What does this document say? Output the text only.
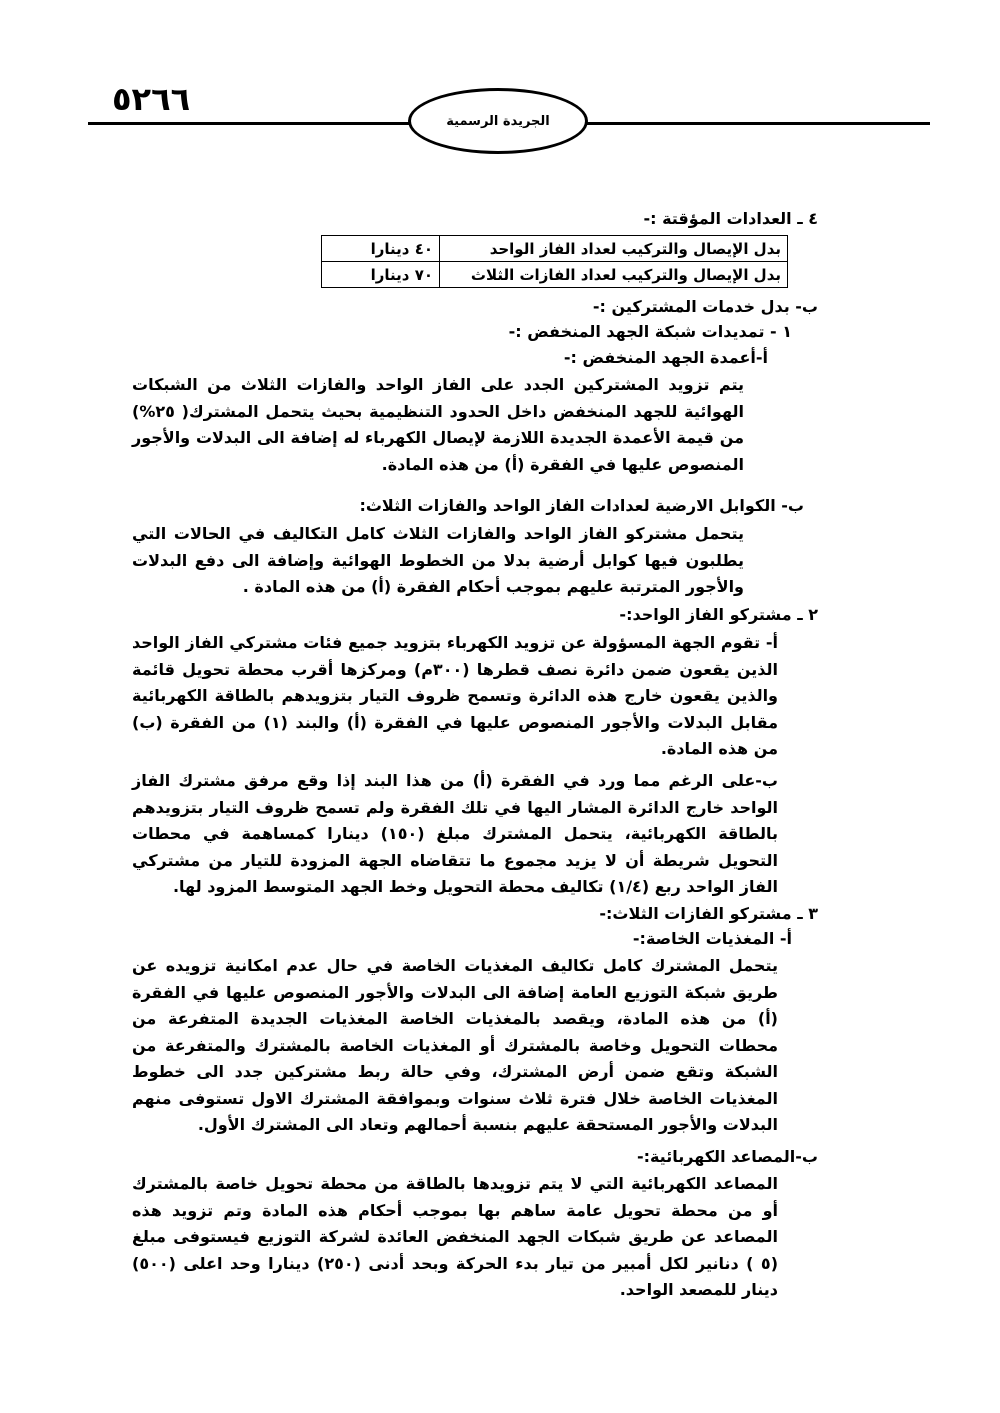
الجريدة الرسمية
٥٢٦٦
٤ ـ العدادات المؤقتة :-
بدل الإيصال والتركيب لعداد الفاز الواحد	٤٠ دينارا
بدل الإيصال والتركيب لعداد الفازات الثلاث	٧٠ دينارا
ب- بدل خدمات المشتركين :-
١ - تمديدات شبكة الجهد المنخفض :-
أ-أعمدة الجهد المنخفض :-
يتم تزويد المشتركين الجدد على الفاز الواحد والفازات الثلاث من الشبكات الهوائية للجهد المنخفض داخل الحدود التنظيمية بحيث يتحمل المشترك( ٢٥%) من قيمة الأعمدة الجديدة اللازمة لإيصال الكهرباء له إضافة الى البدلات والأجور المنصوص عليها في الفقرة (أ) من هذه المادة.
ب- الكوابل الارضية لعدادات الفاز الواحد والفازات الثلاث:
يتحمل مشتركو الفاز الواحد والفازات الثلاث كامل التكاليف في الحالات التي يطلبون فيها كوابل أرضية بدلا من الخطوط الهوائية وإضافة الى دفع البدلات والأجور المترتبة عليهم بموجب أحكام الفقرة (أ) من هذه المادة .
٢ ـ مشتركو الفاز الواحد:-
أ- تقوم الجهة المسؤولة عن تزويد الكهرباء بتزويد جميع فئات مشتركي الفاز الواحد الذين يقعون ضمن دائرة نصف قطرها (٣٠٠م) ومركزها أقرب محطة تحويل قائمة والذين يقعون خارج هذه الدائرة وتسمح ظروف التيار بتزويدهم بالطاقة الكهربائية مقابل البدلات والأجور المنصوص عليها في الفقرة (أ) والبند (١) من الفقرة (ب) من هذه المادة.
ب-على الرغم مما ورد في الفقرة (أ) من هذا البند إذا وقع مرفق مشترك الفاز الواحد خارج الدائرة المشار اليها في تلك الفقرة ولم تسمح ظروف التيار بتزويدهم بالطاقة الكهربائية، يتحمل المشترك مبلغ (١٥٠) دينارا كمساهمة في محطات التحويل شريطة أن لا يزيد مجموع ما تتقاضاه الجهة المزودة للتيار من مشتركي الفاز الواحد ربع (١/٤) تكاليف محطة التحويل وخط الجهد المتوسط المزود لها.
٣ ـ مشتركو الفازات الثلاث:-
أ- المغذيات الخاصة:-
يتحمل المشترك كامل تكاليف المغذيات الخاصة في حال عدم امكانية تزويده عن طريق شبكة التوزيع العامة إضافة الى البدلات والأجور المنصوص عليها في الفقرة (أ) من هذه المادة، ويقصد بالمغذيات الخاصة المغذيات الجديدة المتفرعة من محطات التحويل وخاصة بالمشترك أو المغذيات الخاصة بالمشترك والمتفرعة من الشبكة وتقع ضمن أرض المشترك، وفي حالة ربط مشتركين جدد الى خطوط المغذيات الخاصة خلال فترة ثلاث سنوات وبموافقة المشترك الاول تستوفى منهم البدلات والأجور المستحقة عليهم بنسبة أحمالهم وتعاد الى المشترك الأول.
ب-المصاعد الكهربائية:-
المصاعد الكهربائية التي لا يتم تزويدها بالطاقة من محطة تحويل خاصة بالمشترك أو من محطة تحويل عامة ساهم بها بموجب أحكام هذه المادة وتم تزويد هذه المصاعد عن طريق شبكات الجهد المنخفض العائدة لشركة التوزيع فيستوفى مبلغ (٥ ) دنانير لكل أمبير من تيار بدء الحركة وبحد أدنى (٢٥٠) دينارا وحد اعلى (٥٠٠) دينار للمصعد الواحد.
